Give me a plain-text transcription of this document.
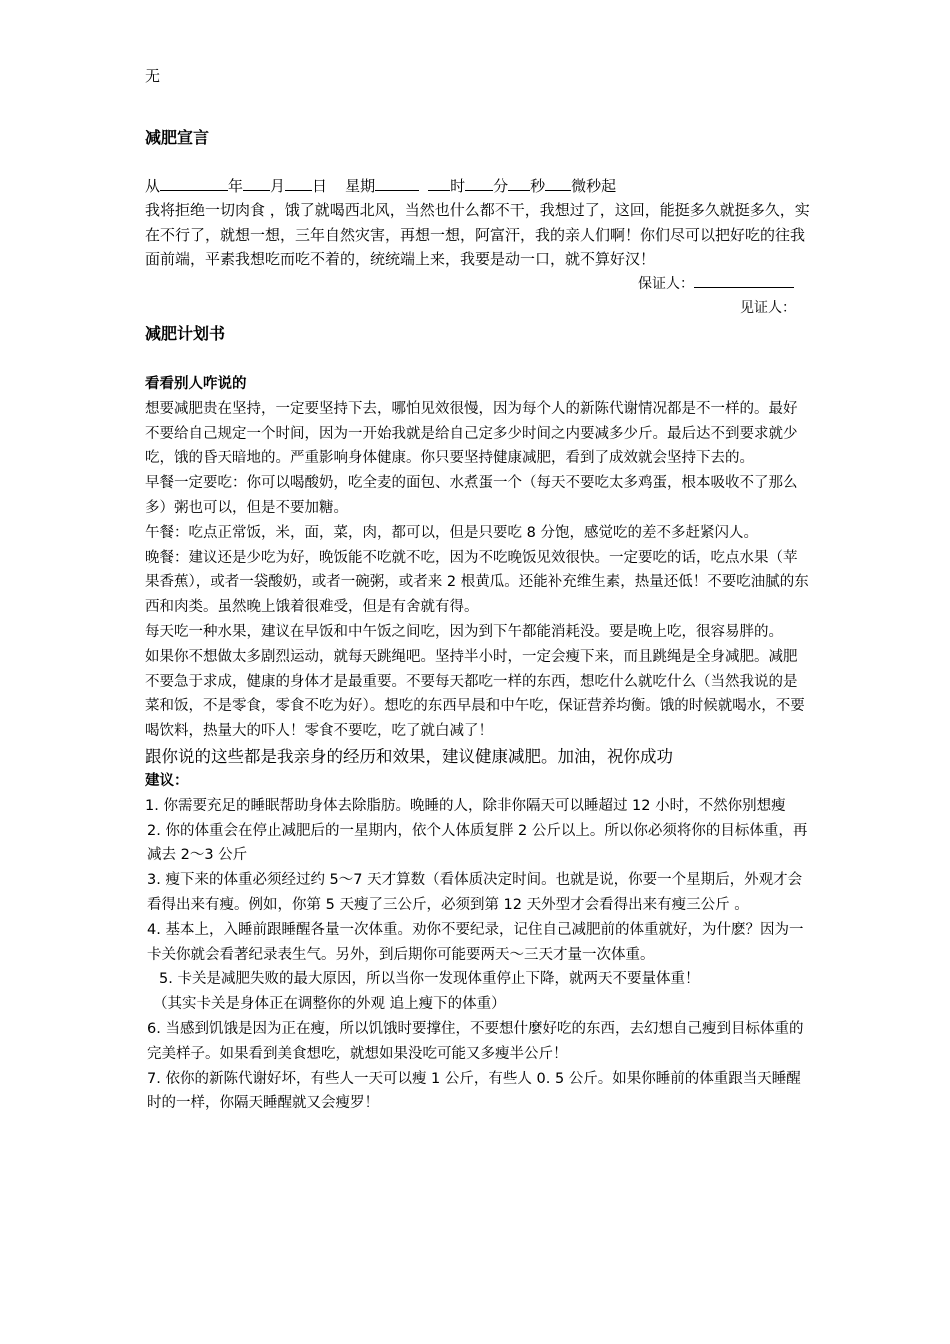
无
减肥宣言
从	年 月 日 星期	时 分 秒 微秒起
我将拒绝一切肉食 ，饿了就喝西北风，当然也什么都不干，我想过了，这回，能挺多久就挺多久，实在不行了，就想一想，三年自然灾害，再想一想，阿富汗，我的亲人们啊！你们尽可以把好吃的往我面前端，平素我想吃而吃不着的，统统端上来，我要是动一口，就不算好汉！
保证人：
见证人：
减肥计划书

看看别人咋说的

想要减肥贵在坚持，一定要坚持下去，哪怕见效很慢，因为每个人的新陈代谢情况都是不一样的。最好不要给自己规定一个时间，因为一开始我就是给自己定多少时间之内要减多少斤。最后达不到要求就少吃，饿的昏天暗地的。严重影响身体健康。你只要坚持健康减肥，看到了成效就会坚持下去的。

早餐一定要吃：你可以喝酸奶，吃全麦的面包、水煮蛋一个（每天不要吃太多鸡蛋，根本吸收不了那么多）粥也可以，但是不要加糖。

午餐：吃点正常饭，米，面，菜，肉，都可以，但是只要吃 8 分饱，感觉吃的差不多赶紧闪人。

晚餐：建议还是少吃为好，晚饭能不吃就不吃，因为不吃晚饭见效很快。一定要吃的话，吃点水果（苹果香蕉），或者一袋酸奶，或者一碗粥，或者来 2 根黄瓜。还能补充维生素，热量还低！不要吃油腻的东西和肉类。虽然晚上饿着很难受，但是有舍就有得。

每天吃一种水果，建议在早饭和中午饭之间吃，因为到下午都能消耗没。要是晚上吃，很容易胖的。

如果你不想做太多剧烈运动，就每天跳绳吧。坚持半小时，一定会瘦下来，而且跳绳是全身减肥。减肥不要急于求成，健康的身体才是最重要。不要每天都吃一样的东西，想吃什么就吃什么（当然我说的是菜和饭，不是零食，零食不吃为好）。想吃的东西早晨和中午吃，保证营养均衡。饿的时候就喝水，不要喝饮料，热量大的吓人！零食不要吃，吃了就白减了！

跟你说的这些都是我亲身的经历和效果，建议健康减肥。加油，祝你成功

建议：

1. 你需要充足的睡眠帮助身体去除脂肪。晚睡的人，除非你隔天可以睡超过 12 小时，不然你别想瘦

2. 你的体重会在停止减肥后的一星期内，依个人体质复胖 2 公斤以上。所以你必须将你的目标体重，再减去 2～3 公斤

3. 瘦下来的体重必须经过约 5～7 天才算数（看体质决定时间。也就是说，你要一个星期后，外观才会看得出来有瘦。例如，你第 5 天瘦了三公斤，必须到第 12 天外型才会看得出来有瘦三公斤 。

4. 基本上，入睡前跟睡醒各量一次体重。劝你不要纪录，记住自己减肥前的体重就好，为什麽？因为一卡关你就会看著纪录表生气。另外，到后期你可能要两天～三天才量一次体重。

5. 卡关是减肥失败的最大原因，所以当你一发现体重停止下降，就两天不要量体重！

（其实卡关是身体正在调整你的外观 追上瘦下的体重）

6. 当感到饥饿是因为正在瘦，所以饥饿时要撑住，不要想什麼好吃的东西，去幻想自己瘦到目标体重的完美样子。如果看到美食想吃，就想如果没吃可能又多瘦半公斤！

7. 依你的新陈代谢好坏，有些人一天可以瘦 1 公斤，有些人 0. 5 公斤。如果你睡前的体重跟当天睡醒时的一样，你隔天睡醒就又会瘦罗！
